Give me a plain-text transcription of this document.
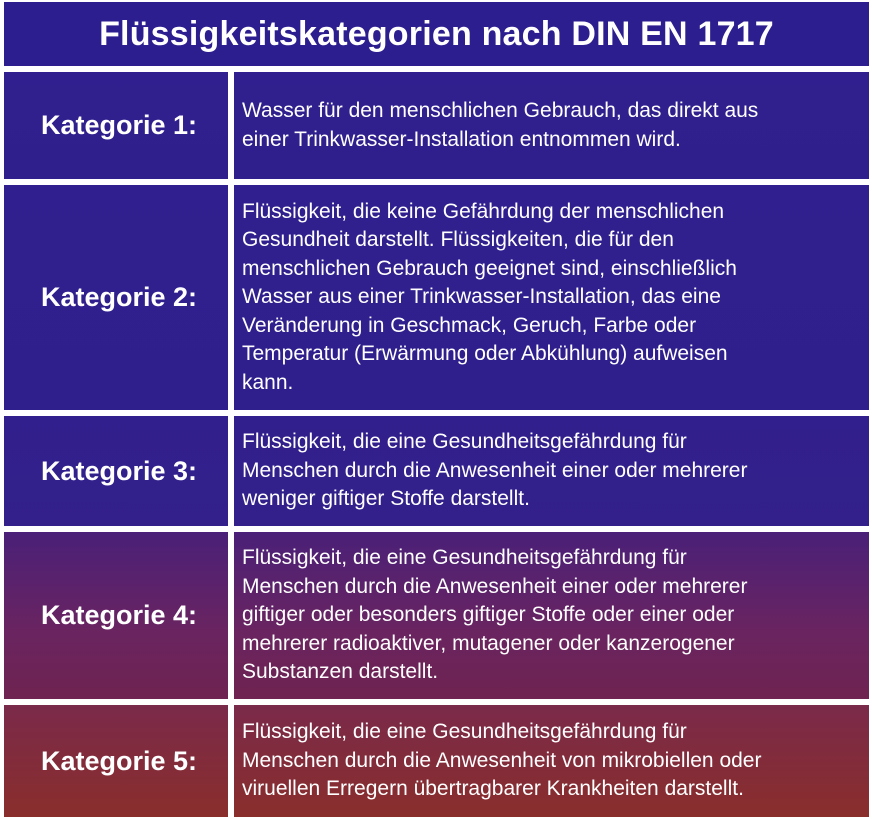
Flüssigkeitskategorien nach DIN EN 1717
Kategorie 1: Wasser für den menschlichen Gebrauch, das direkt aus
einer Trinkwasser-Installation entnommen wird.
Kategorie 2:
Flüssigkeit, die keine Gefährdung der menschlichen
Gesundheit darstellt. Flüssigkeiten, die für den
menschlichen Gebrauch geeignet sind, einschließlich
Wasser aus einer Trinkwasser-Installation, das eine
Veränderung in Geschmack, Geruch, Farbe oder
Temperatur (Erwärmung oder Abkühlung) aufweisen
kann.
Kategorie 3:
Flüssigkeit, die eine Gesundheitsgefährdung für
Menschen durch die Anwesenheit einer oder mehrerer
weniger giftiger Stoffe darstellt.
Kategorie 4:
Flüssigkeit, die eine Gesundheitsgefährdung für
Menschen durch die Anwesenheit einer oder mehrerer
giftiger oder besonders giftiger Stoffe oder einer oder
mehrerer radioaktiver, mutagener oder kanzerogener
Substanzen darstellt.
Kategorie 5:
Flüssigkeit, die eine Gesundheitsgefährdung für
Menschen durch die Anwesenheit von mikrobiellen oder
viruellen Erregern übertragbarer Krankheiten darstellt.
